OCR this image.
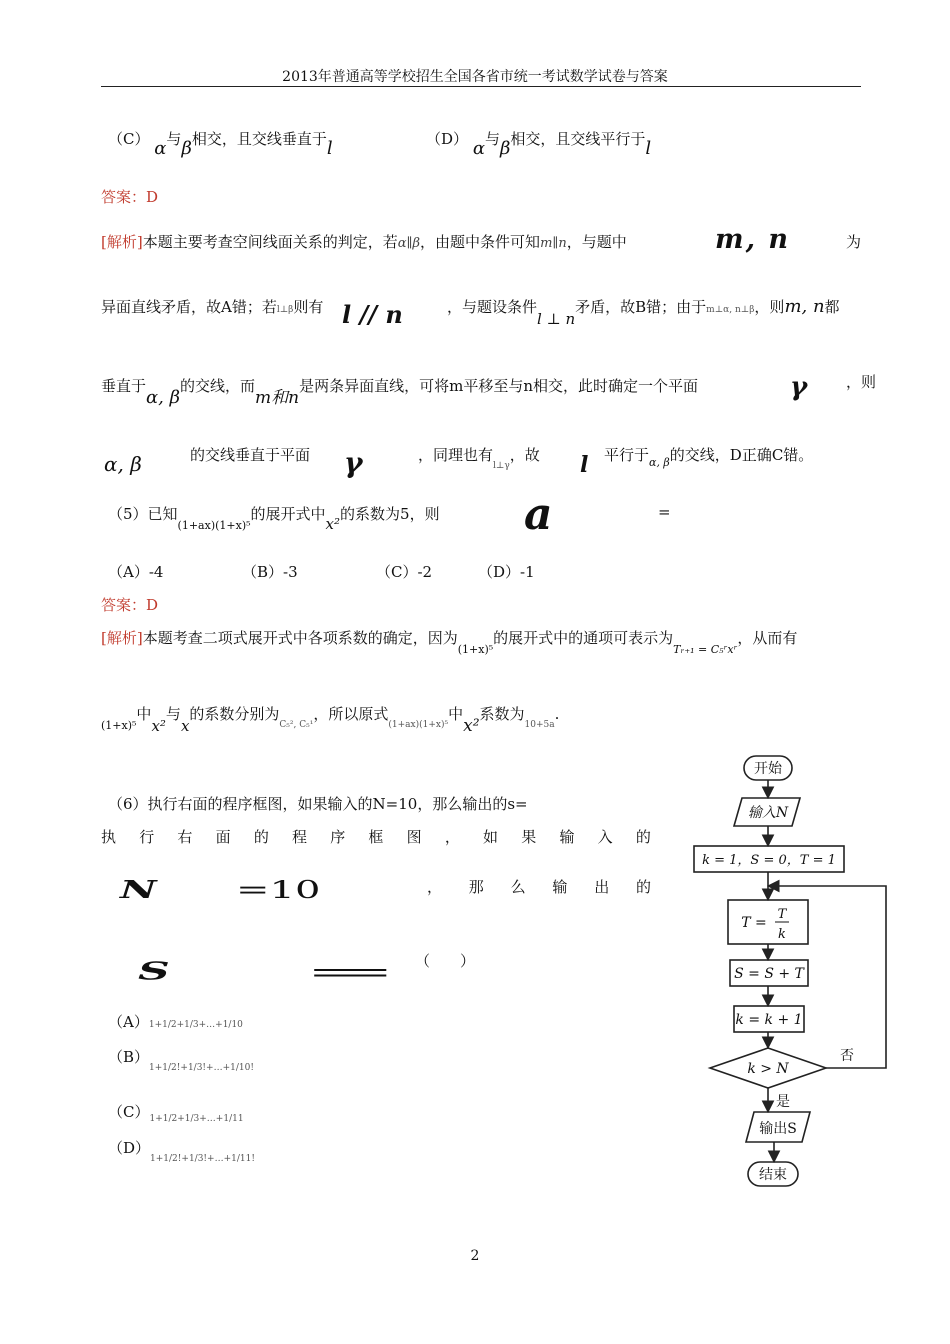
2013年普通高等学校招生全国各省市统一考试数学试卷与答案
（C） α与β相交，且交线垂直于l	（D） α与β相交，且交线平行于l
答案：D
[解析]本题主要考查空间线面关系的判定，若α∥β，由题中条件可知m∥n，与题中	m, n	为
异面直线矛盾，故A错；若l⊥β则有 l // n	，与题设条件l ⊥ n矛盾，故B错；由于m⊥α, n⊥β，则m, n都
垂直于α, β的交线，而m和n是两条异面直线，可将m平移至与n相交，此时确定一个平面	γ	，则
α, β	的交线垂直于平面 γ	，同理也有$_{l\perp\gamma}$，故 l 平行于$_{\alpha, \beta}$的交线，D正确C错。
（5）已知$_{(1+ax)(1+x)^5}$的展开式中x²的系数为5，则 a	=
（A）-4	（B）-3	（C）-2	（D）-1
答案：D
[解析]本题考查二项式展开式中各项系数的确定，因为$_{(1+x)^5}$的展开式中的通项可表示为$_{Tᵣ_{+1} = C_5ʳxʳ}$，从而有
$_{(1+x)^5}$中x²与x的系数分别为$_{C_5^2, C_5^1}$，所以原式$_{(1+ax)(1+x)^5}$中x²系数为$_{10+5a}$.
（6）执行右面的程序框图，如果输入的N=10，那么输出的s=
执 行 右 面 的 程 序 框 图 ， 如 果 输 入 的
N =10	， 那 么 输 出 的
S	= （　　）
（A）1+1/2+1/3+…+1/10
$(B)_{1+1/2!+1/3!+\dots+1/10!}$
$(C)_{1+1/2+1/3+\dots+1/11}$
$(D)_{1+1/2!+1/3!+\dots+1/11!}$
开始
输入N
k = 1，S = 0，T = 1
T =
T
k
S = S + T
k = k + 1
k > N
否
是
输出S
结束
2
